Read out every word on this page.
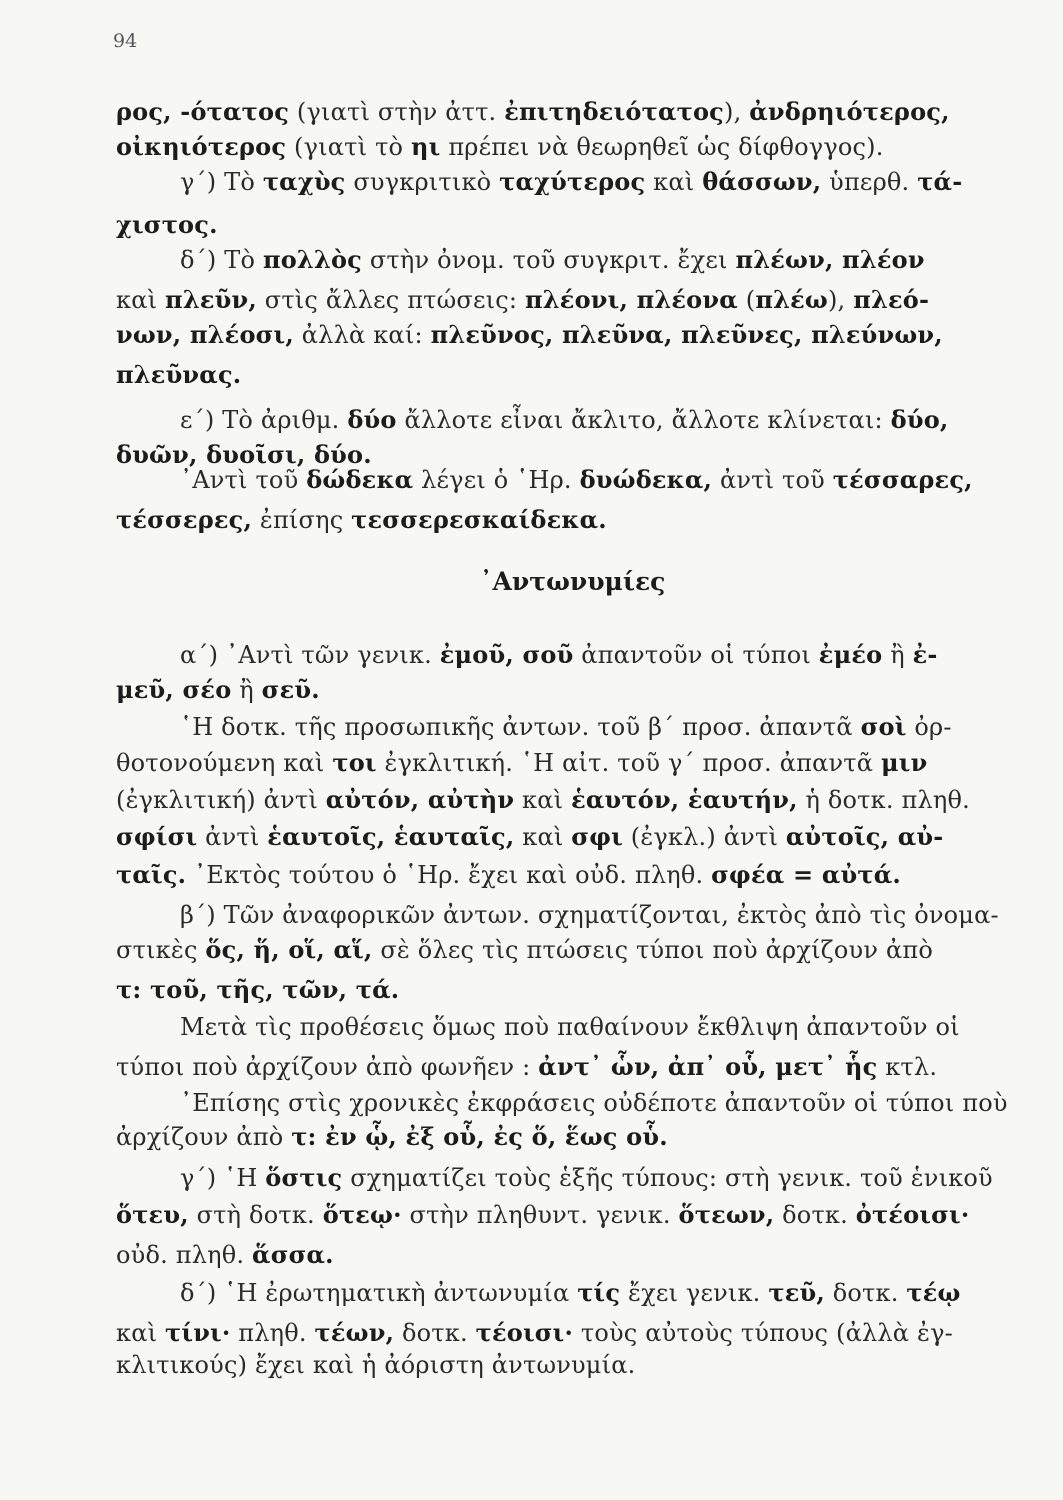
94
᾿Αντωνυμίες
ρος, -ότατος (γιατὶ στὴν ἀττ. ἐπιτηδειότατος), ἀνδρηιότερος,
οἰκηιότερος (γιατὶ τὸ ηι πρέπει νὰ θεωρηθεῖ ὡς δίφθογγος).
γ΄) Τὸ ταχὺς συγκριτικὸ ταχύτερος καὶ θάσσων, ὑπερθ. τά-
χιστος.
δ΄) Τὸ πολλὸς στὴν ὀνομ. τοῦ συγκριτ. ἔχει πλέων, πλέον
καὶ πλεῦν, στὶς ἄλλες πτώσεις: πλέονι, πλέονα (πλέω), πλεό-
νων, πλέοσι, ἀλλὰ καί: πλεῦνος, πλεῦνα, πλεῦνες, πλεύνων,
πλεῦνας.
ε΄) Τὸ ἀριθμ. δύο ἄλλοτε εἶναι ἄκλιτο, ἄλλοτε κλίνεται: δύο,
δυῶν, δυοῖσι, δύο.
᾿Αντὶ τοῦ δώδεκα λέγει ὁ ῾Ηρ. δυώδεκα, ἀντὶ τοῦ τέσσαρες,
τέσσερες, ἐπίσης τεσσερεσκαίδεκα.
α΄) ᾿Αντὶ τῶν γενικ. ἐμοῦ, σοῦ ἀπαντοῦν οἱ τύποι ἐμέο ἢ ἐ-
μεῦ, σέο ἢ σεῦ.
῾Η δοτκ. τῆς προσωπικῆς ἀντων. τοῦ β΄ προσ. ἀπαντᾶ σοὶ ὀρ-
θοτονούμενη καὶ τοι ἐγκλιτική. ῾Η αἰτ. τοῦ γ΄ προσ. ἀπαντᾶ μιν
(ἐγκλιτική) ἀντὶ αὐτόν, αὐτὴν καὶ ἑαυτόν, ἑαυτήν, ἡ δοτκ. πληθ.
σφίσι ἀντὶ ἑαυτοῖς, ἑαυταῖς, καὶ σφι (ἐγκλ.) ἀντὶ αὐτοῖς, αὐ-
ταῖς. ᾿Εκτὸς τούτου ὁ ῾Ηρ. ἔχει καὶ οὐδ. πληθ. σφέα = αὐτά.
β΄) Τῶν ἀναφορικῶν ἀντων. σχηματίζονται, ἐκτὸς ἀπὸ τὶς ὀνομα-
στικὲς ὅς, ἥ, οἵ, αἵ, σὲ ὅλες τὶς πτώσεις τύποι ποὺ ἀρχίζουν ἀπὸ
τ: τοῦ, τῆς, τῶν, τά.
Μετὰ τὶς προθέσεις ὅμως ποὺ παθαίνουν ἔκθλιψη ἀπαντοῦν οἱ
τύποι ποὺ ἀρχίζουν ἀπὸ φωνῆεν : ἀντ᾿ ὧν, ἀπ᾿ οὗ, μετ᾿ ἧς κτλ.
᾿Επίσης στὶς χρονικὲς ἐκφράσεις οὐδέποτε ἀπαντοῦν οἱ τύποι ποὺ
ἀρχίζουν ἀπὸ τ: ἐν ᾧ, ἐξ οὗ, ἐς ὅ, ἕως οὗ.
γ΄) ῾Η ὅστις σχηματίζει τοὺς ἑξῆς τύπους: στὴ γενικ. τοῦ ἑνικοῦ
ὅτευ, στὴ δοτκ. ὅτεῳ· στὴν πληθυντ. γενικ. ὅτεων, δοτκ. ὀτέοισι·
οὐδ. πληθ. ἅσσα.
δ΄) ῾Η ἐρωτηματικὴ ἀντωνυμία τίς ἔχει γενικ. τεῦ, δοτκ. τέῳ
καὶ τίνι· πληθ. τέων, δοτκ. τέοισι· τοὺς αὐτοὺς τύπους (ἀλλὰ ἐγ-
κλιτικούς) ἔχει καὶ ἡ ἀόριστη ἀντωνυμία.
